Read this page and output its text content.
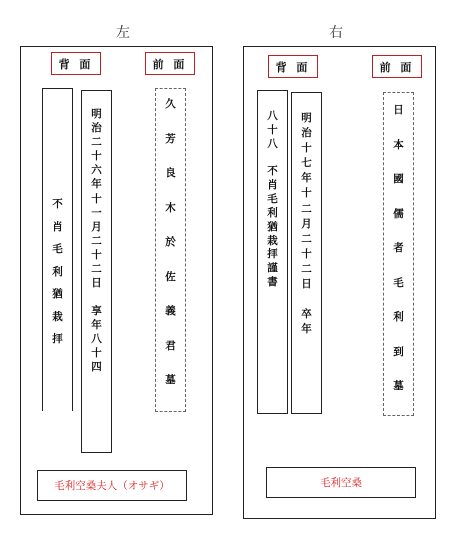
左
背 面	前 面
不
肖
毛
利
猶
栽
拝
明
治
二
十
六
年
十
一
月
二
十
二
日

享
年
八
十
四
久
芳
良
木
於
佐
義
君
墓
毛利空桑夫人（オサギ）
右
背 面	前 面
八
十
八

不
肖
毛
利
猶
栽
拝
謹
書
明
治
十
七
年
十
二
月
二
十
二
日

卒
年
日
本
國
儒
者
毛
利
到
墓
毛利空桑
